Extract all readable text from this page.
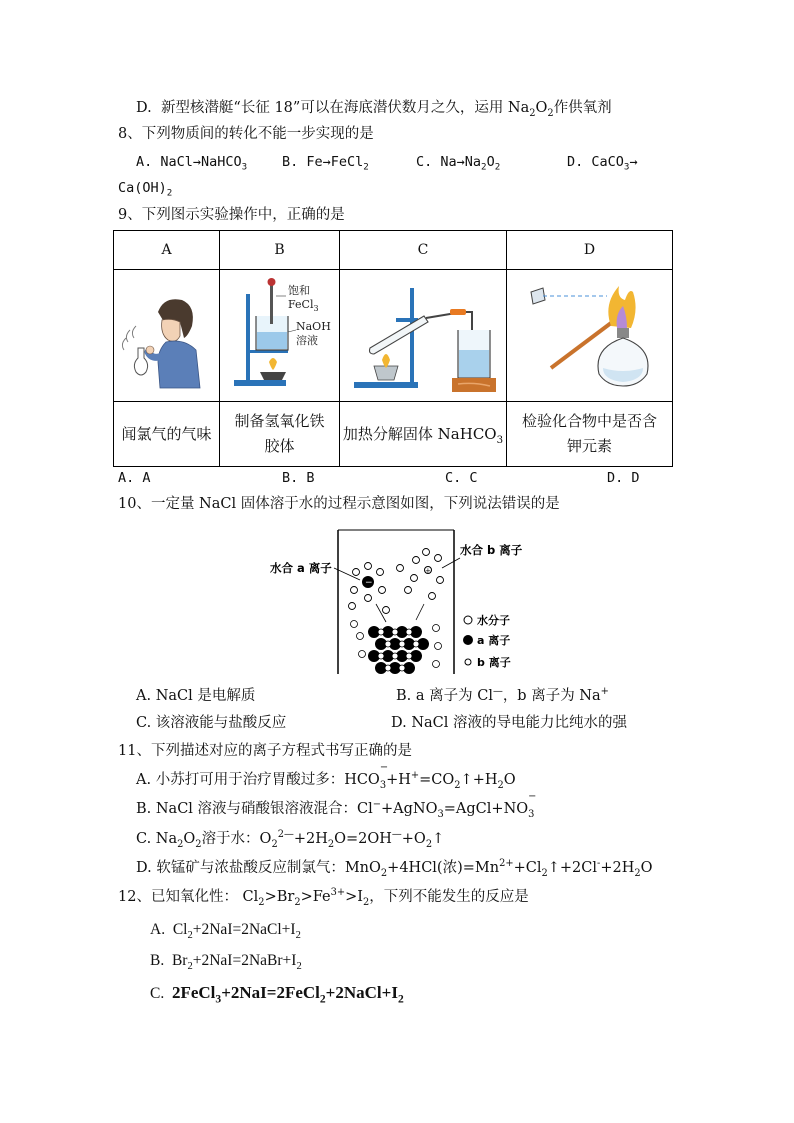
D. 新型核潜艇“长征 18”可以在海底潜伏数月之久，运用 $Na_2O_2$作供氧剂
8、下列物质间的转化不能一步实现的是
A. NaCl→NaHCO$_3$	B. Fe→FeCl$_2$	C. $Na\to Na_2O_2$	D. CaCO$_3$→
$Ca(OH)_2$
9、下列图示实验操作中，正确的是
A	B	C	D

饱和
FeCl$_3$
NaOH
溶液

闻氯气的气味	制备氢氧化铁胶体	加热分解固体 NaHCO$_3$	检验化合物中是否含钾元素
A. A	B. B	C. C	D. D
10、一定量 NaCl 固体溶于水的过程示意图如图，下列说法错误的是
水合 a 离子
水合 b 离子
−
+
水分子
a 离子
b 离子
A. NaCl 是电解质	B. a 离子为 Cl—，b 离子为 Na+
C. 该溶液能与盐酸反应	D. NaCl 溶液的导电能力比纯水的强
11、下列描述对应的离子方程式书写正确的是
A. 小苏打可用于治疗胃酸过多：$HCO_3$
−
$+H^+=CO_2↑+H_2O$
B. NaCl 溶液与硝酸银溶液混合：$Cl^-+AgNO_3=AgCl+NO_3$
−
C. $Na_2O_2$溶于水：$O_2^{2—}+2H_2O=2OH^—+O_2↑$
D. 软锰矿与浓盐酸反应制氯气：MnO$_2$+4HCl(浓)$=Mn^{2+}+Cl_2↑+2Cl^-+2H_2O$
12、已知氧化性： $Cl_2>Br_2>Fe^{3+}>I_2$，下列不能发生的反应是
A.  $Cl_2+2NaI=2NaCl+I_2$
B.  $Br_2+2NaI=2NaBr+I_2$
C. $2FeCl_3+2NaI=2FeCl_2+2NaCl+I_2$
